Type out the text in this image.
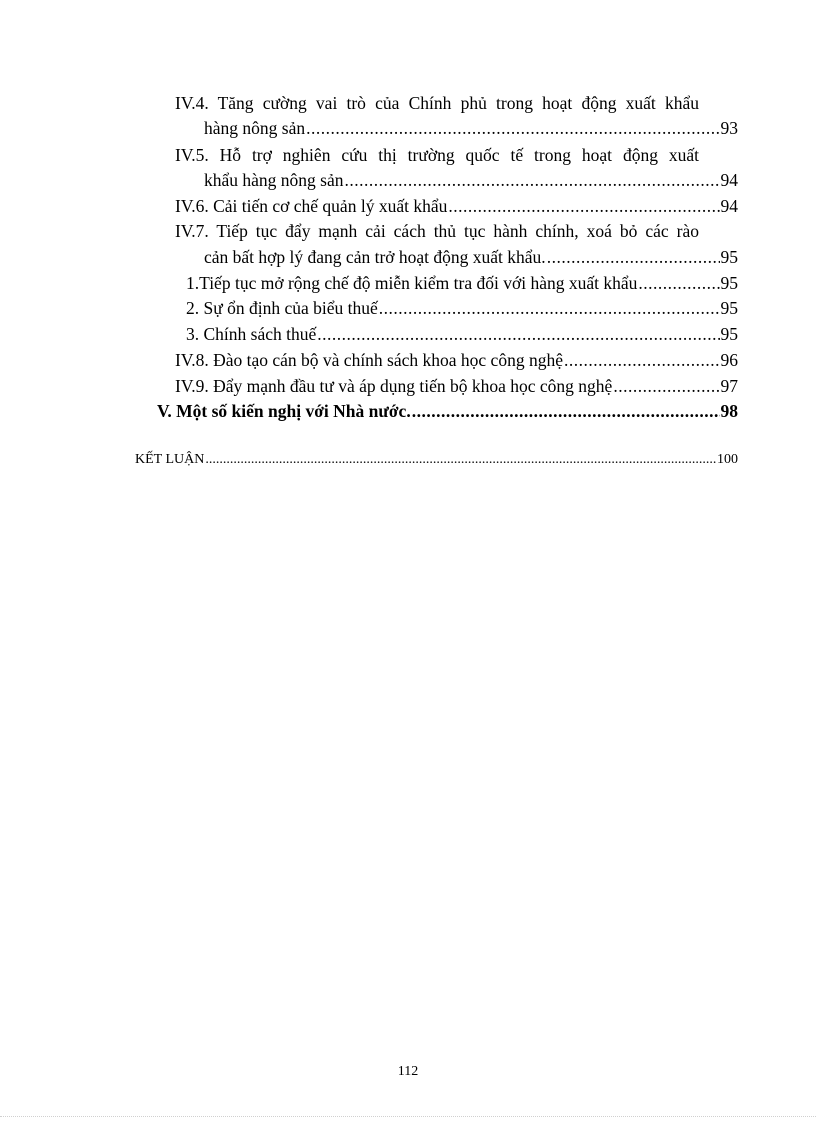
IV.4. Tăng cường vai trò của Chính phủ trong hoạt động xuất khẩu
hàng nông sản .....	93
IV.5. Hỗ trợ nghiên cứu thị trường quốc tế trong hoạt động xuất
khẩu hàng nông sản .....	94
IV.6. Cải tiến cơ chế quản lý xuất khẩu .....	94
IV.7. Tiếp tục đẩy mạnh cải cách thủ tục hành chính, xoá bỏ các rào
cản bất hợp lý đang cản trở hoạt động xuất khẩu. .....	95
1.Tiếp tục mở rộng chế độ miễn kiểm tra đối với hàng xuất khẩu .....	95
2. Sự ổn định của biểu thuế .....	95
3. Chính sách thuế .....	95
IV.8. Đào tạo cán bộ và chính sách khoa học công nghệ .....	96
IV.9. Đẩy mạnh đầu tư và áp dụng tiến bộ khoa học công nghệ .....	97
V. Một số kiến nghị với Nhà nước. .....	98
KẾT LUẬN .....	100
112
